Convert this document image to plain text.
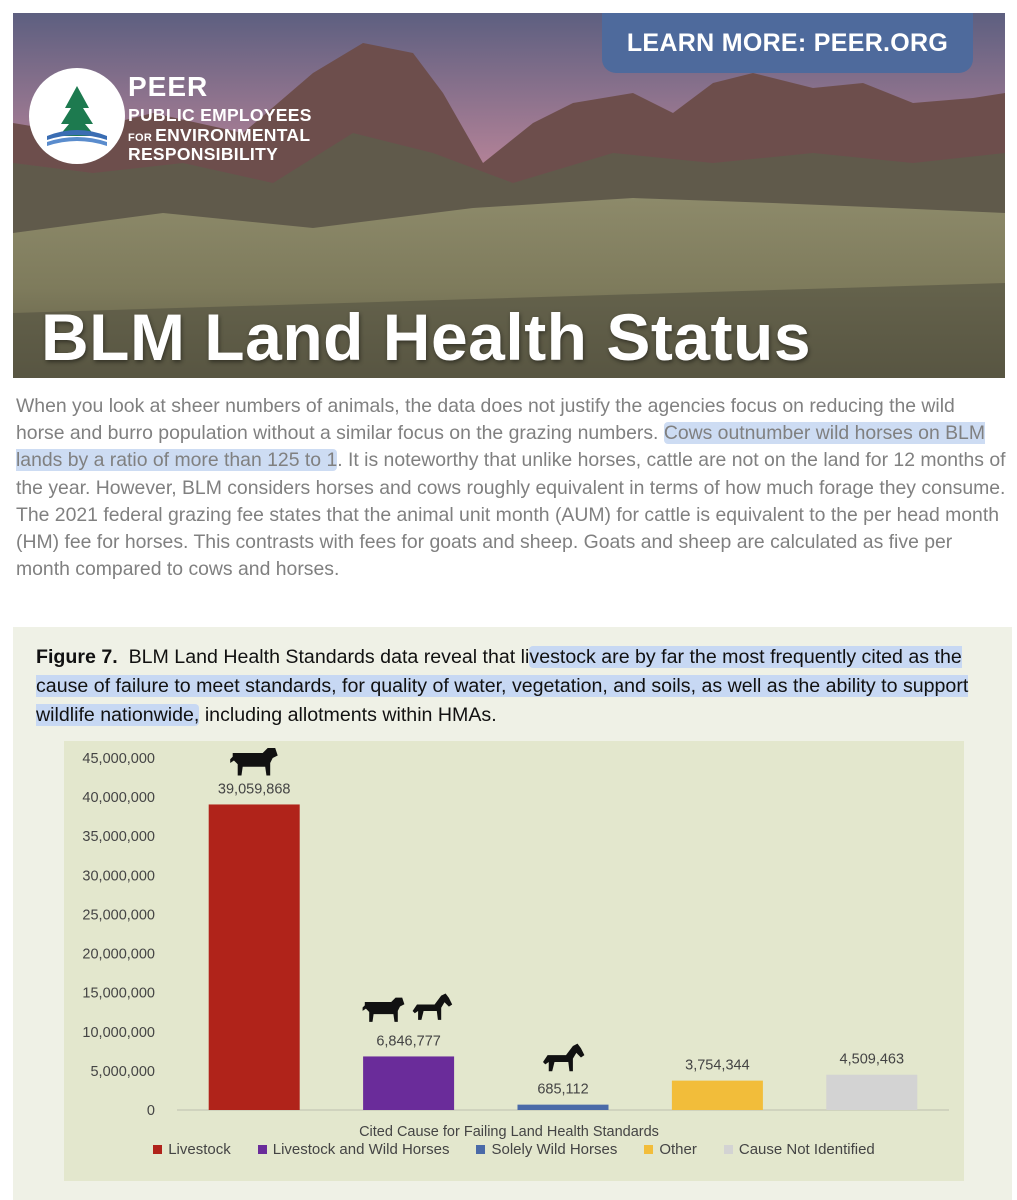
LEARN MORE: PEER.ORG
PEER
PUBLIC EMPLOYEES
FOR ENVIRONMENTAL
RESPONSIBILITY
BLM Land Health Status
When you look at sheer numbers of animals, the data does not justify the agencies focus on reducing the wild horse and burro population without a similar focus on the grazing numbers. Cows outnumber wild horses on BLM lands by a ratio of more than 125 to 1. It is noteworthy that unlike horses, cattle are not on the land for 12 months of the year. However, BLM considers horses and cows roughly equivalent in terms of how much forage they consume. The 2021 federal grazing fee states that the animal unit month (AUM) for cattle is equivalent to the per head month (HM) fee for horses. This contrasts with fees for goats and sheep. Goats and sheep are calculated as five per month compared to cows and horses.
Figure 7. BLM Land Health Standards data reveal that livestock are by far the most frequently cited as the cause of failure to meet standards, for quality of water, vegetation, and soils, as well as the ability to support wildlife nationwide, including allotments within HMAs.
0
5,000,000
10,000,000
15,000,000
20,000,000
25,000,000
30,000,000
35,000,000
40,000,000
45,000,000
39,059,868
6,846,777
685,112
3,754,344	4,509,463
Cited Cause for Failing Land Health Standards
Livestock	Livestock and Wild Horses	Solely Wild Horses	Other	Cause Not Identified
